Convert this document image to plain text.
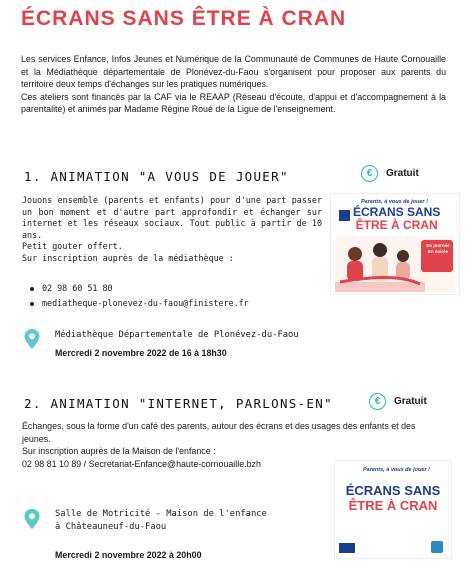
ÉCRANS SANS ÊTRE À CRAN

Les services Enfance, Infos Jeunes et Numérique de la Communauté de Communes de Haute Cornouaille et la Médiathèque départementale de Plonévez-du-Faou s'organisent pour proposer aux parents du territoire deux temps d'échanges sur les pratiques numériques.

Ces ateliers sont financés par la CAF via le REAAP (Réseau d'écoute, d'appui et d'accompagnement à la parentalité) et animés par Madame Régine Roué de la Ligue de l'enseignement.

1. ANIMATION "A VOUS DE JOUER"	€	Gratuit

Jouons ensemble (parents et enfants) pour d'une part passer un bon moment et d'autre part approfondir et échanger sur internet et les réseaux sociaux. Tout public à partir de 10 ans.

Petit gouter offert.

Sur inscription auprès de la médiathèque :

02 98 60 51 80
mediatheque-plonevez-du-faou@finistere.fr
Médiathèque Départementale de Plonévez-du-Faou
Mercredi 2 novembre 2022 de 16 à 18h30
Parents, à vous de jouer !
ÉCRANS SANS
ÊTRE À CRAN
En journée
En soirée
2. ANIMATION "INTERNET, PARLONS-EN"	€	Gratuit

Échanges, sous la forme d'un café des parents, autour des écrans et des usages des enfants et des jeunes.

Sur inscription auprès de la Maison de l'enfance :

02 98 81 10 89 / Secretariat-Enfance@haute-cornouaille.bzh

Salle de Motricité - Maison de l'enfance
à Châteauneuf-du-Faou
Mercredi 2 novembre 2022 à 20h00
Parents, à vous de jouer !
ÉCRANS SANS
ÊTRE À CRAN
